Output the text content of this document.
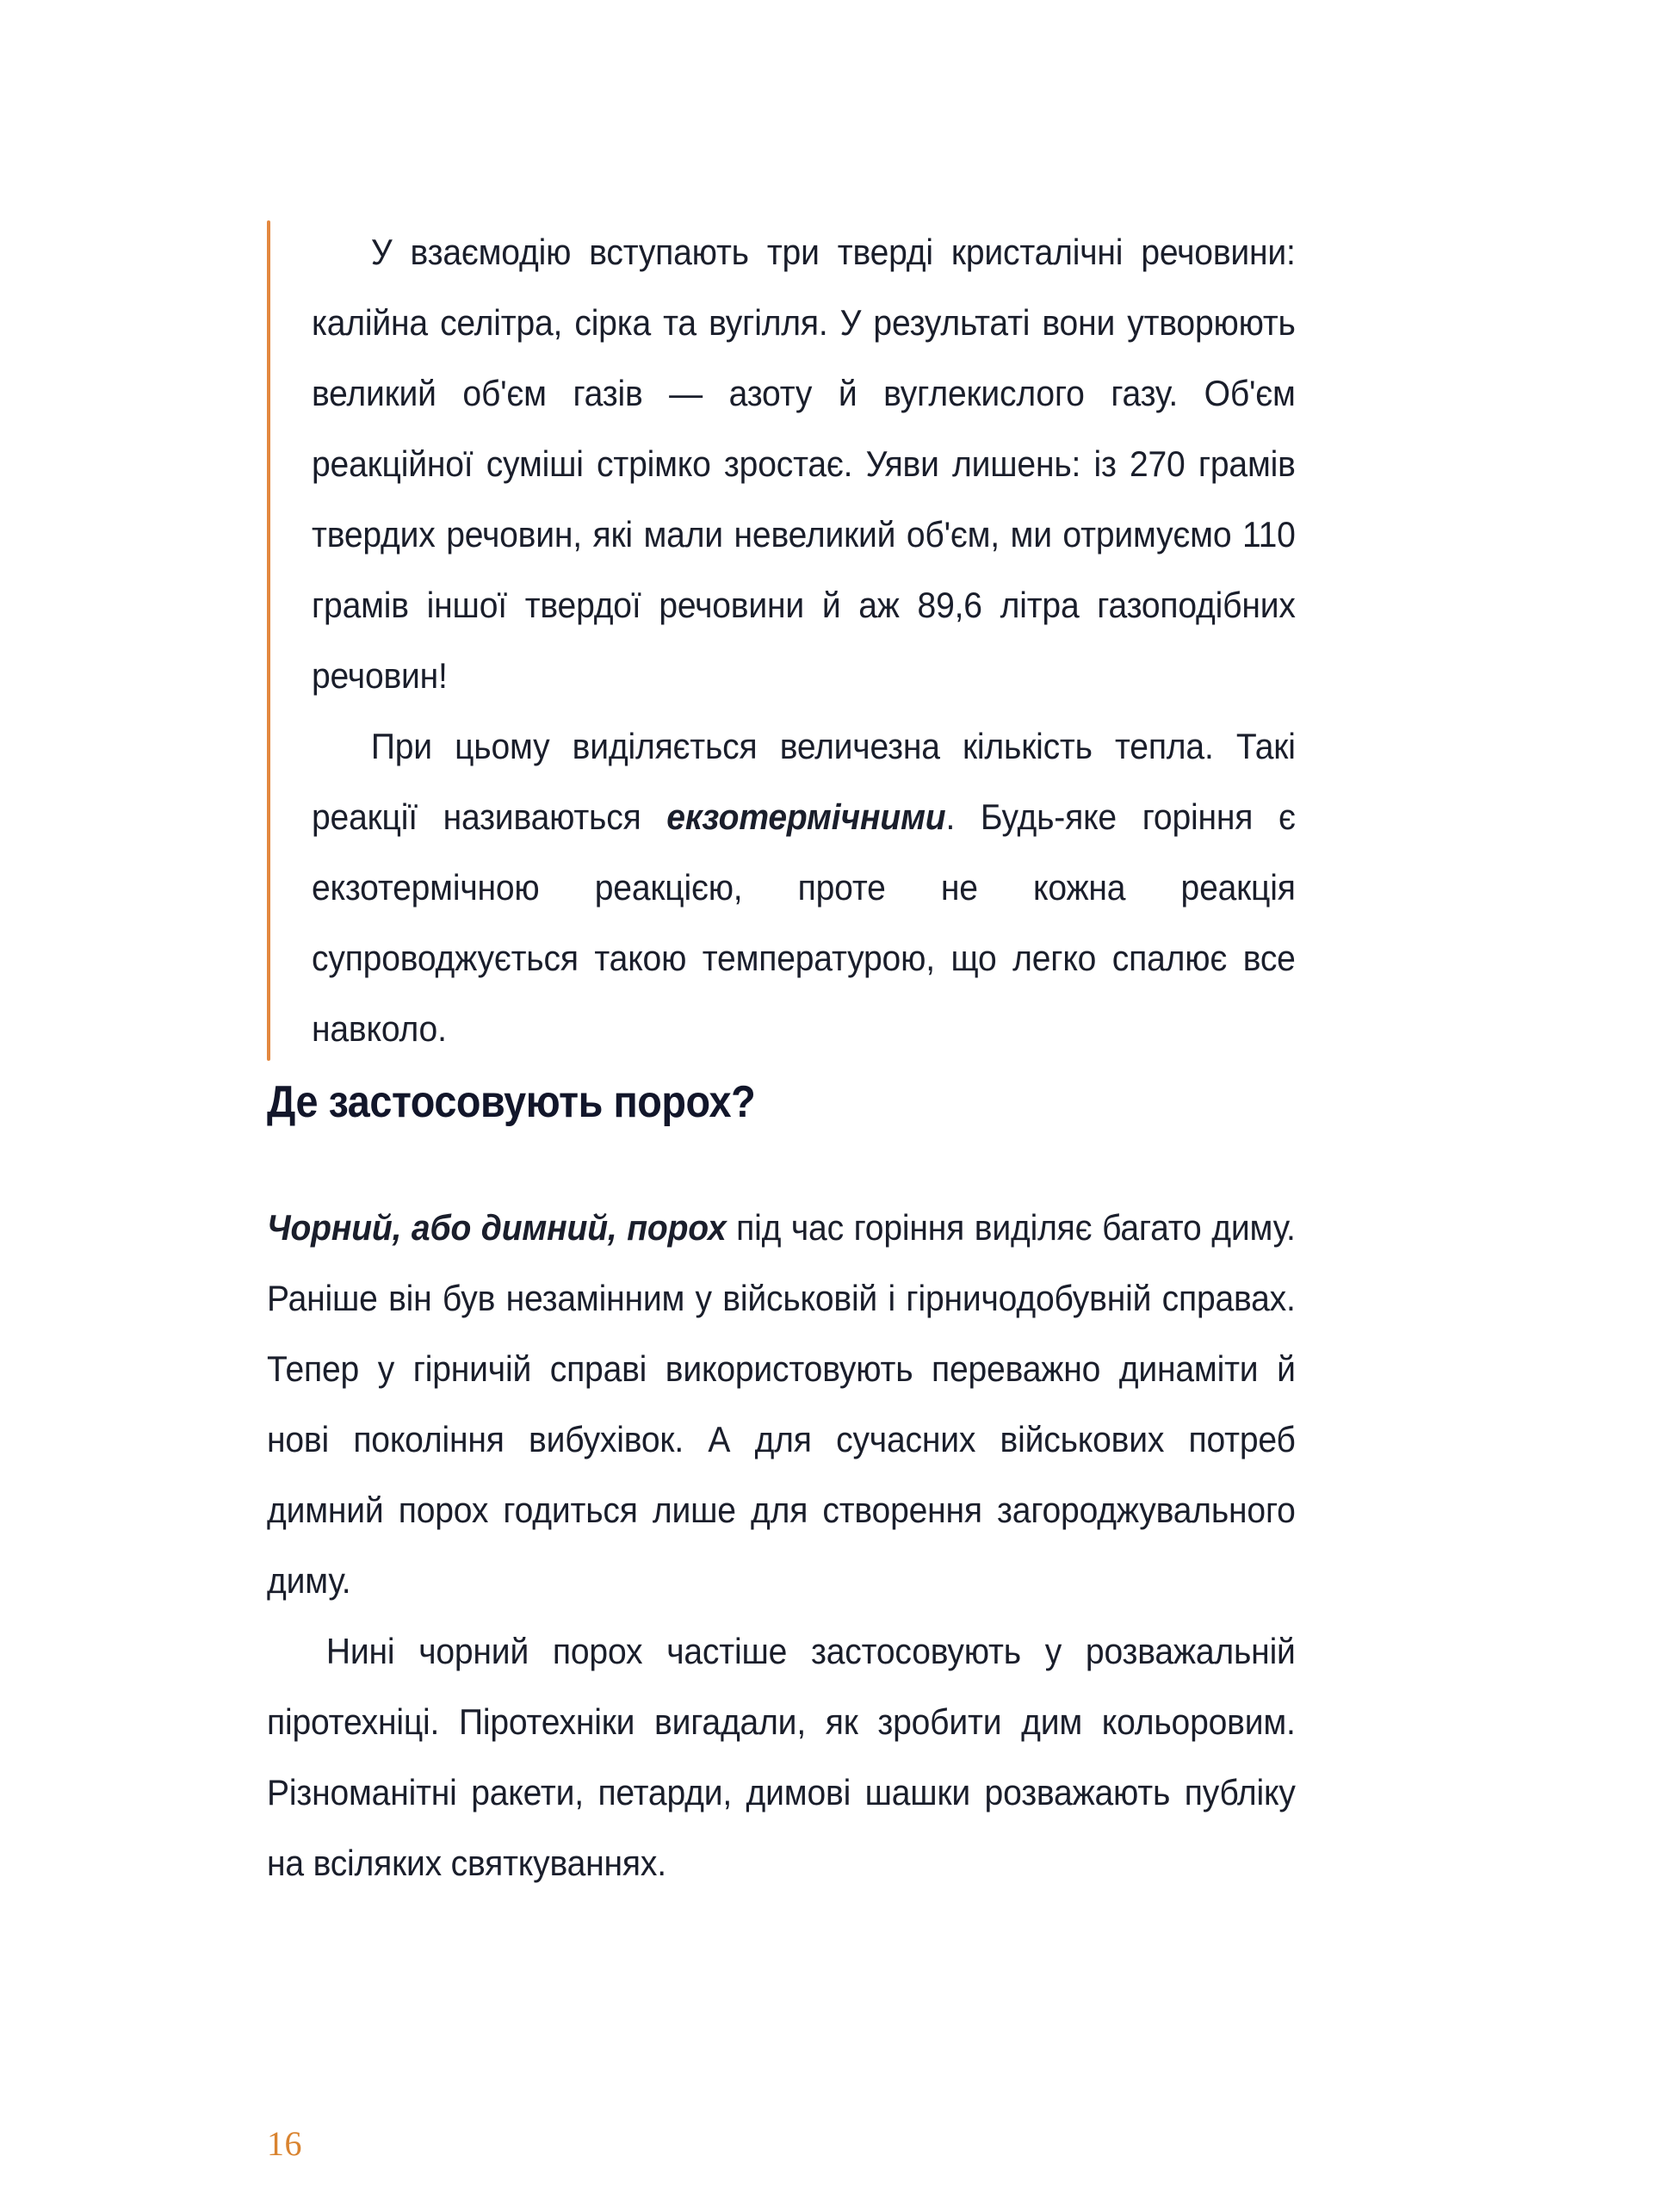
У взаємодію вступають три тверді кристалічні речовини: калійна селітра, сірка та вугілля. У результаті вони утворюють великий об'єм газів — азоту й вуглекислого газу. Об'єм реакційної суміші стрімко зростає. Уяви лишень: із 270 грамів твердих речовин, які мали невеликий об'єм, ми отримуємо 110 грамів іншої твердої речовини й аж 89,6 літра газоподібних речовин!

При цьому виділяється величезна кількість тепла. Такі реакції називаються екзотермічними. Будь-яке горіння є екзотермічною реакцією, проте не кожна реакція супроводжується такою температурою, що легко спалює все навколо.

Де застосовують порох?

Чорний, або димний, порох під час горіння виділяє багато диму. Раніше він був незамінним у військовій і гірничодобувній справах. Тепер у гірничій справі використовують переважно динаміти й нові покоління вибухівок. А для сучасних військових потреб димний порох годиться лише для створення загороджувального диму.

Нині чорний порох частіше застосовують у розважальній піротехніці. Піротехніки вигадали, як зробити дим кольоровим. Різноманітні ракети, петарди, димові шашки розважають публіку на всіляких святкуваннях.

16
